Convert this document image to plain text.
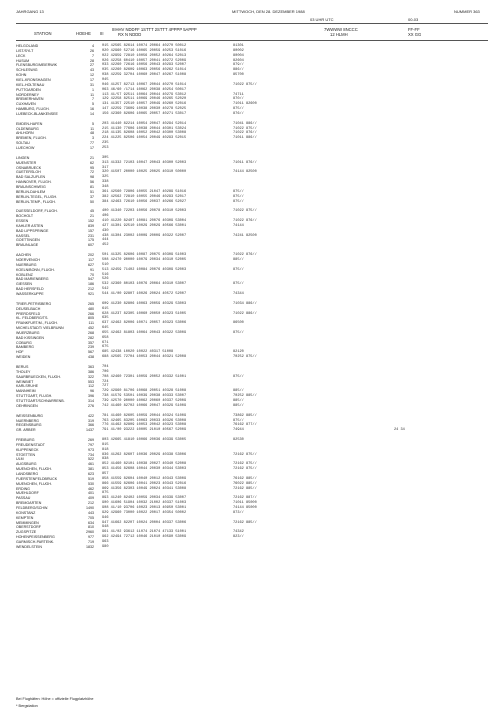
JAHRGANG 13	MITTWOCH, DEN 28. DEZEMBER 1988	NUMMER 363
03 UHR UTC	00-03
STATION	HOEHE III
IIIHHV NDDFF 1STTT 2STTT 4PPPP 5APPP
RX N NDDD
7WWWW 8NCCC
12 HLMH
FF-FF
XX GG
HELGOLAND	4 015 42565 82614 10074 20064 40270 50012	81301
LIST/SYLT	26 020 42960 52716 10065 20059 40253 51016	80002
LECK	7 022 42959 72810 10056 20052 40264 52013	80004
HUSUM	28 026 42258 60410 10057 20041 40272 52009	82604
FLENSBURG/MEIERWIK	27 033 42260 72616 10056 20043 40293 52007	879//
SCHLESWIG	43 035 42260 82609 10063 20056 40262 51014	886//
KOHN	12 038 42259 32704 10060 20047 40267 51008	85700
KIEL-KRONSHAGEN	17 045
KIEL-HOLTENAU	31 046 41257 82713 10067 20044 40270 51014	71022 875//
PUTTGARDEN	1 063 46/60 /1714 10062 20038 40254 50017
NORDERNEY	11 113 41/57 92511 10064 20044 40279 53012	74711
BREMERHAVEN	7 129 42258 82511 10069 20046 40265 52020	870//
CUXHAVEN	5 131 41357 22510 10057 20049 40260 52016	71011 82600
HAMBURG, FLUGH.	16 147 42259 73609 10038 20030 40278 52025	875//
LUEBECK-BLANKENSEE	14 156 42360 82606 10065 20057 40271 53017	876//
EMDEN-HAFEN	5 203 41440 82214 10054 20047 40294 52014	71041 886//
OLDENBURG	11 215 41130 77606 10038 20044 40301 53024	71022 875//
AHLHORN	48 218 41135 82608 10052 20042 40300 53008	71022 876//
BREMEN, FLUGH.	3 224 41225 82506 10054 20049 40293 52015	71011 886//
SOLTAU	77 235
LUECHOW	17 253
LINGEN	21 305
MUENSTER	62 313 41332 72103 10047 20043 40300 52003	71011 876//
OSNABRUECK	95 317
GUETERSLOH	72 320 41507 20000 10025 20025 40310 50000	74144 82500
BAD SALZUFLEN	98 325
HANNOVER, FLUGH.	56 338
BRAUNSCHWEIG	81 348
BERLIN-DAHLEM	51 361 42560 72806 10055 21047 40289 51016	875//
BERLIN-TEGEL, FLUGH.	37 382 42562 72810 10055 20046 40293 52017	875//
BERLIN-TEMP., FLUGH.	50 384 42463 72610 10056 20037 40266 52027	875//
DUESSELDORF, FLUGH.	45 400 41340 72203 10056 20078 40310 52003	71022 875//
BOCHOLT	21 406
ESSEN	152 410 41220 82407 10081 20076 40309 53004	71022 876//
KAHLER ASTEN	839 427 41301 92510 10029 20029 40566 53001	74144
BAD LIPPSPRINGE	157 430
KASSEL	231 438 41304 23002 10009 20009 40322 52007	74241 82500
GOETTINGEN	175 444
BRAUNLAGE	607 452
AACHEN	202 501 41325 82606 10087 20075 40309 51003	71022 876//
NOERVENICH	117 508 42470 90000 10079 20034 40310 52005	885//
NUERBURG	627 510
KOELN/BONN, FLUGH.	91 513 42459 71402 10084 20076 40309 52003	875//
KOBLENZ	70 516
BAD MARIENBERG	547 526
GIESSEN	186 532 42360 80103 10076 20064 40310 53007	875//
BAD HERSFELD	212 542
WASSERKUPPE	921 544 41/00 92807 10026 20024 40572 52007	74344
TRIER-PETRISBERG	265 609 41230 82806 10063 20059 40329 53003	71034 886//
DEUSELBACH	480 615
PRERDSFELD	266 628 41237 82305 10060 20050 40323 51005	71022 886//
KL. FELDBERG/TS.	805 635
FRANKFURT/M., FLUGH.	111 637 42462 82006 10071 20057 40323 53006	86500
MICHELSTADT/ VIELBRUNN	452 645
WUERZBURG	268 655 42462 81803 10064 20043 40322 53009	875//
BAD KISSINGEN	282 658
COBURG	357 671
BAMBERG	239 675
HOF	567 685 42438 10020 10022 40317 51008	82120
WEIDEN	438 688 42565 72704 10053 20044 40321 52008	70252 875//
BERUS	363 704
THOLEY	386 706
SAARBRUECKEN, FLUGH.	322 708 42460 72301 10059 20052 40332 51001	875//
WEINBIET	553 724
KARLSRUHE	112 727
MANNHEIM	96 729 42960 81706 10068 20051 40328 51008	885//
STUTTGART, FLUGH.	396 738 41579 53501 10039 20038 40333 53007	70252 885//
STUTTGART/SCHNARRENB.	314 739 42570 90000 10062 20060 40337 52009	885//
OEHRINGEN	276 742 41460 82702 10066 20047 40329 51009	885//
WEISSENBURG	422 781 41460 82605 10059 20044 40324 51009	73862 885//
NUERNBERG	319 763 42465 83205 10063 20033 40326 53008	875//
REGENSBURG	366 776 41462 82809 10053 20042 40323 53008	76162 877//
GR. ARBER	1437 791 41/00 93222 10005 21010 40567 52009	74944	24 34
FREIBURG	269 803 42665 41810 10066 20036 40339 53005	82530
FREUDENSTADT	797 815
KLIPPENECK	973 818
STOETTEN	734 836 41262 82607 10036 20029 40338 53006	72162 875//
ULM	522 838
AUGSBURG	461 852 41460 82101 10038 20027 40340 52008	72162 875//
MUENCHEN, FLUGH.	381 853 41456 82608 10044 20030 40344 53003	72162 875//
LANDSBERG	623 857
FUERSTENFELDBRUCK	519 858 41559 82604 10040 20012 40343 53009	76162 885//
MUENCHEN, FLUGH.	530 866 41559 82606 10041 20023 40343 52016	76022 885//
ERDING	462 869 41356 82303 10049 20024 40341 53008	72162 885//
MUEHLDORF	401 875
PASSAU	409 893 41240 82402 10059 20034 40339 53007	72162 887//
BREMGARTEN	212 900 41606 51904 10032 21002 40337 51003	71011 85000
FELDBERG/SCHW.	1490 908 41/10 93706 10023 20013 40950 53001	74144 85000
KONSTANZ	443 929 42960 73000 10022 20017 40354 50002	873//
KEMPTEN	705 946
MEMMINGEN	634 947 41662 82207 10024 20004 40337 53006	72162 885//
OBERSTDORF	810 948
ZUGSPITZE	2960 961 41/02 93612 11074 21074 47133 51001	74342
HOHENPEISSENBERG	977 962 42494 72712 10046 21010 40590 53009	823//
GARMISCH-PARTENK.	719 963
WENDELSTEIN	1832 980
Bei Flughäfen: Höhe = offizielle Flugplatzhöhe
* Bergstation
